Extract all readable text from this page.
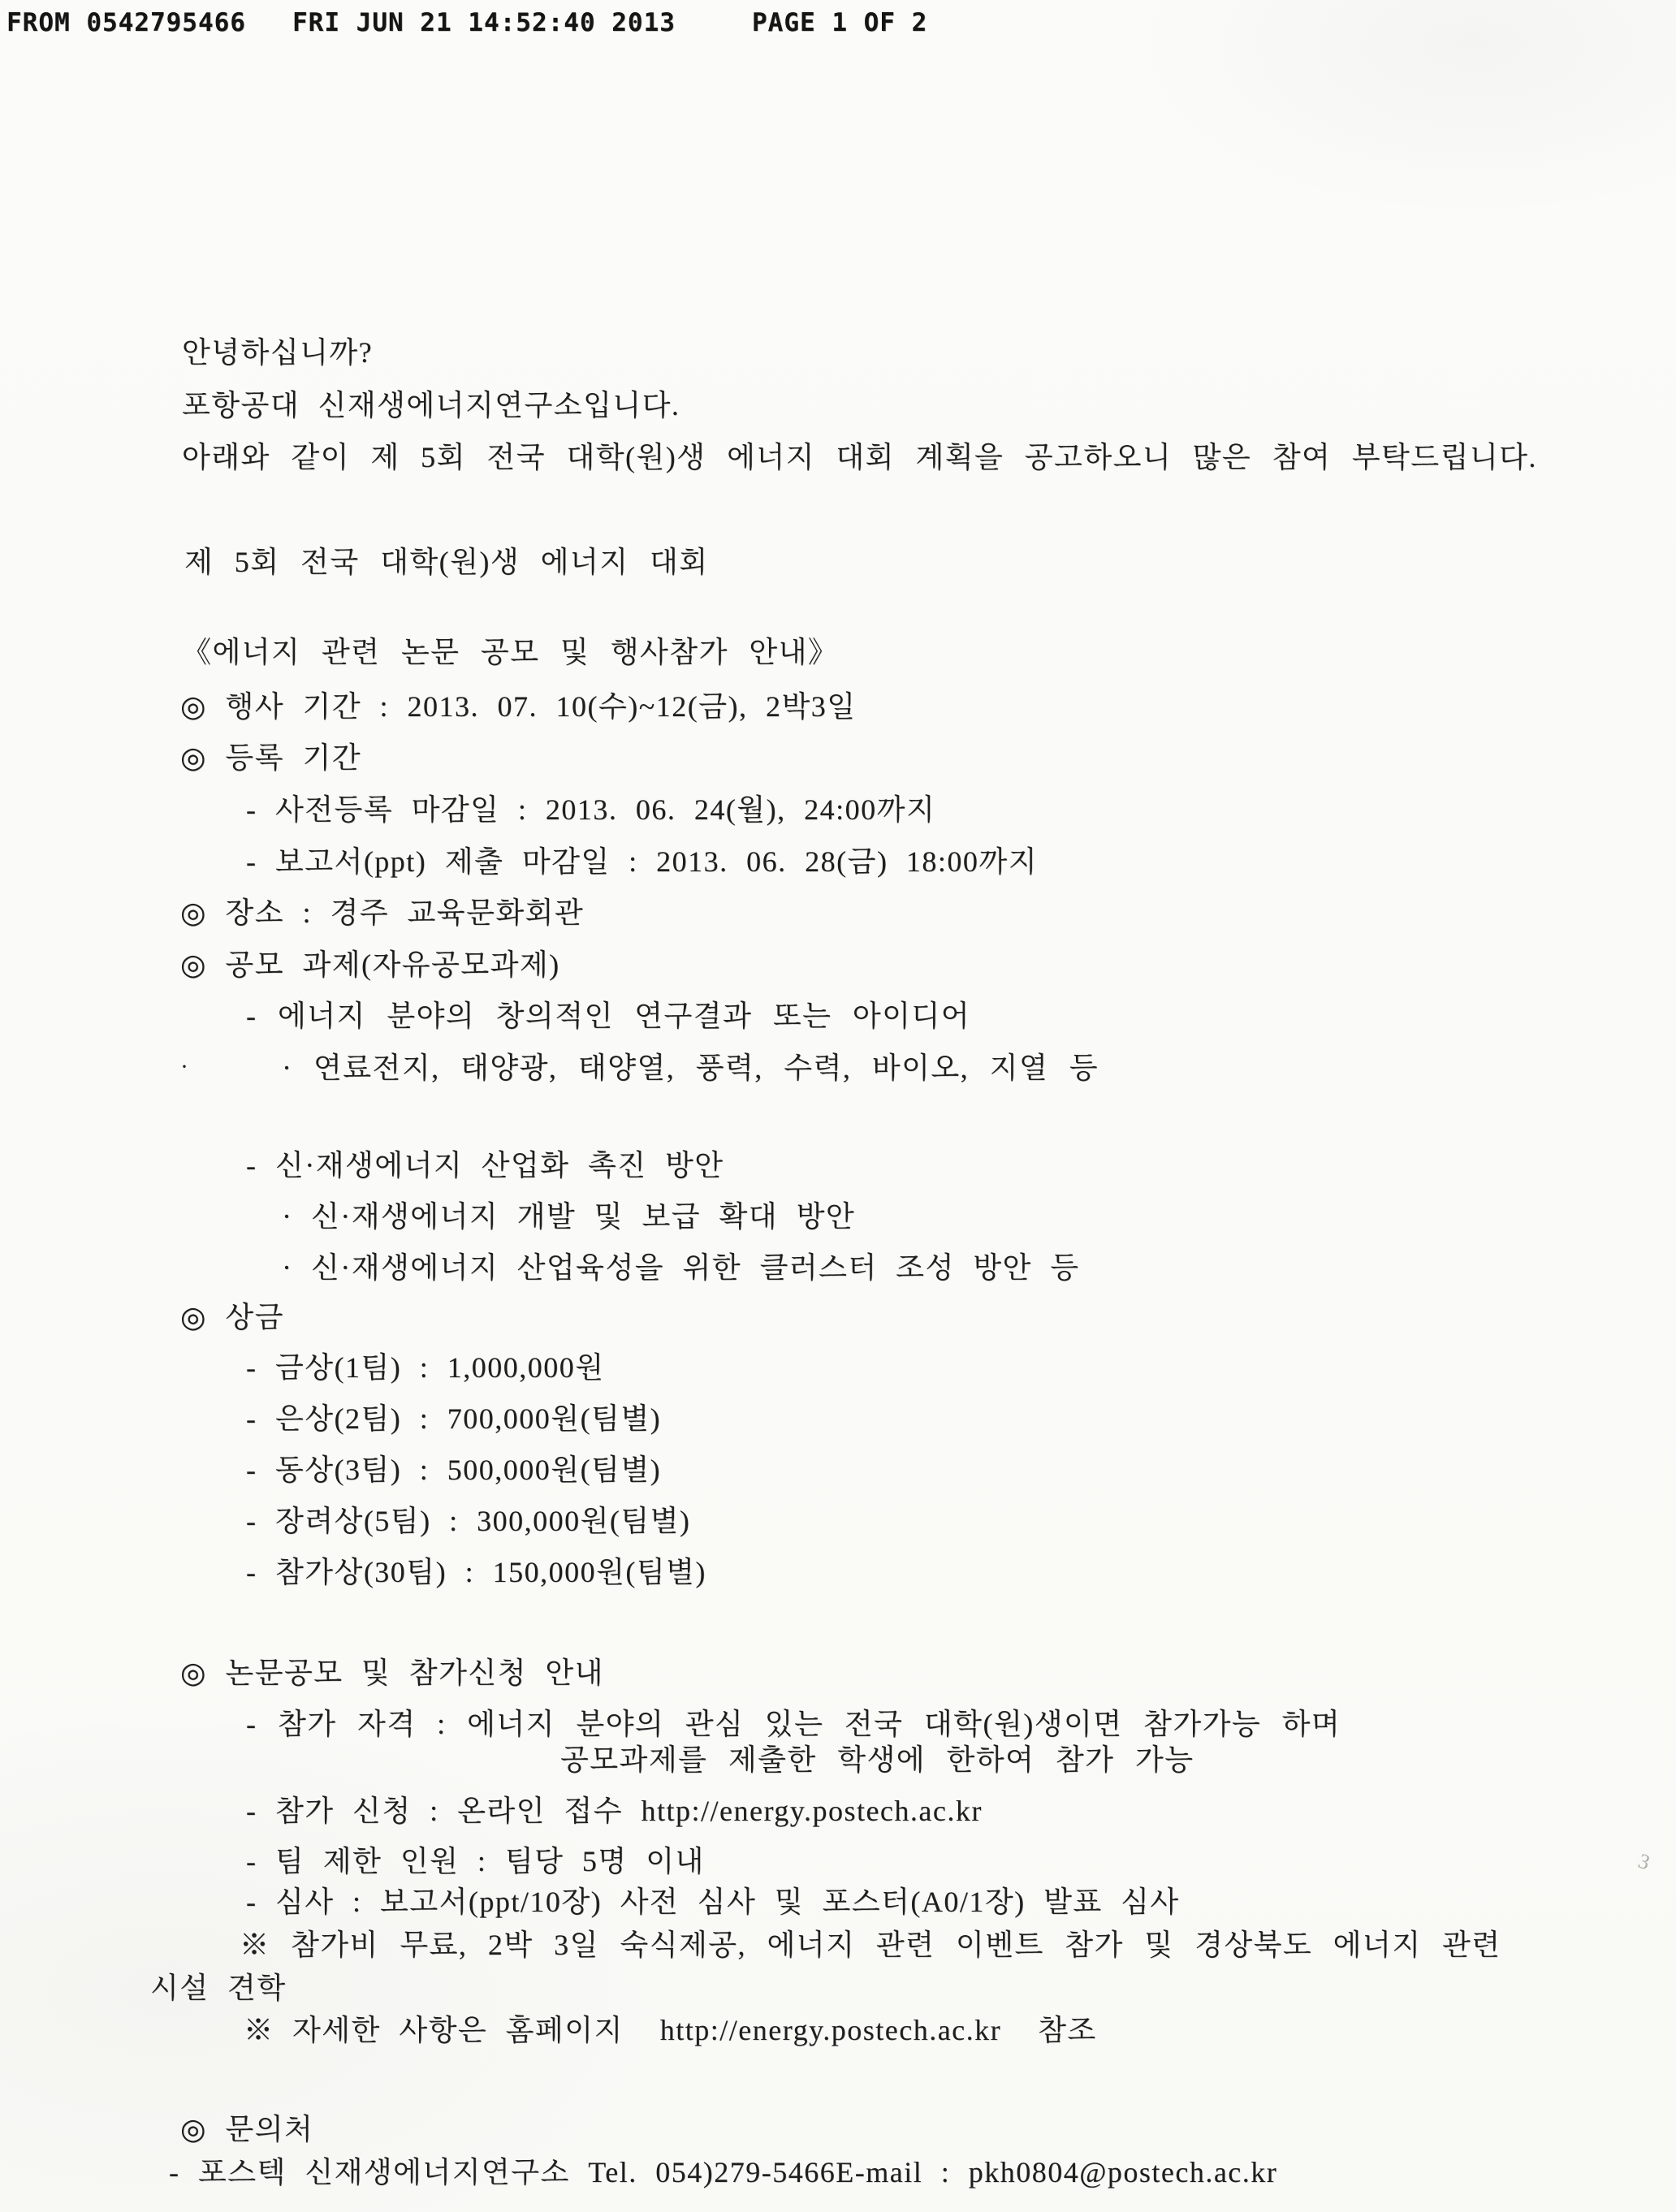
FROM 0542795466 FRI JUN 21 14:52:40 2013	PAGE 1 OF 2
안녕하십니까?
포항공대 신재생에너지연구소입니다.
아래와 같이 제 5회 전국 대학(원)생 에너지 대회 계획을 공고하오니 많은 참여 부탁드립니다.
제 5회 전국 대학(원)생 에너지 대회
《에너지 관련 논문 공모 및 행사참가 안내》
◎ 행사 기간 : 2013. 07. 10(수)~12(금), 2박3일
◎ 등록 기간
- 사전등록 마감일 : 2013. 06. 24(월), 24:00까지
- 보고서(ppt) 제출 마감일 : 2013. 06. 28(금) 18:00까지
◎ 장소 : 경주 교육문화회관
◎ 공모 과제(자유공모과제)
- 에너지 분야의 창의적인 연구결과 또는 아이디어
·	· 연료전지, 태양광, 태양열, 풍력, 수력, 바이오, 지열 등
- 신·재생에너지 산업화 촉진 방안
· 신·재생에너지 개발 및 보급 확대 방안
· 신·재생에너지 산업육성을 위한 클러스터 조성 방안 등
◎ 상금
- 금상(1팀) : 1,000,000원
- 은상(2팀) : 700,000원(팀별)
- 동상(3팀) : 500,000원(팀별)
- 장려상(5팀) : 300,000원(팀별)
- 참가상(30팀) : 150,000원(팀별)
◎ 논문공모 및 참가신청 안내
- 참가 자격 : 에너지 분야의 관심 있는 전국 대학(원)생이면 참가가능 하며
공모과제를 제출한 학생에 한하여 참가 가능
- 참가 신청 : 온라인 접수 http://energy.postech.ac.kr
- 팀 제한 인원 : 팀당 5명 이내
- 심사 : 보고서(ppt/10장) 사전 심사 및 포스터(A0/1장) 발표 심사
※ 참가비 무료, 2박 3일 숙식제공, 에너지 관련 이벤트 참가 및 경상북도 에너지 관련
시설 견학
※ 자세한 사항은 홈페이지  http://energy.postech.ac.kr  참조
◎ 문의처
- 포스텍 신재생에너지연구소 Tel. 054)279-5466E-mail : pkh0804@postech.ac.kr
3
